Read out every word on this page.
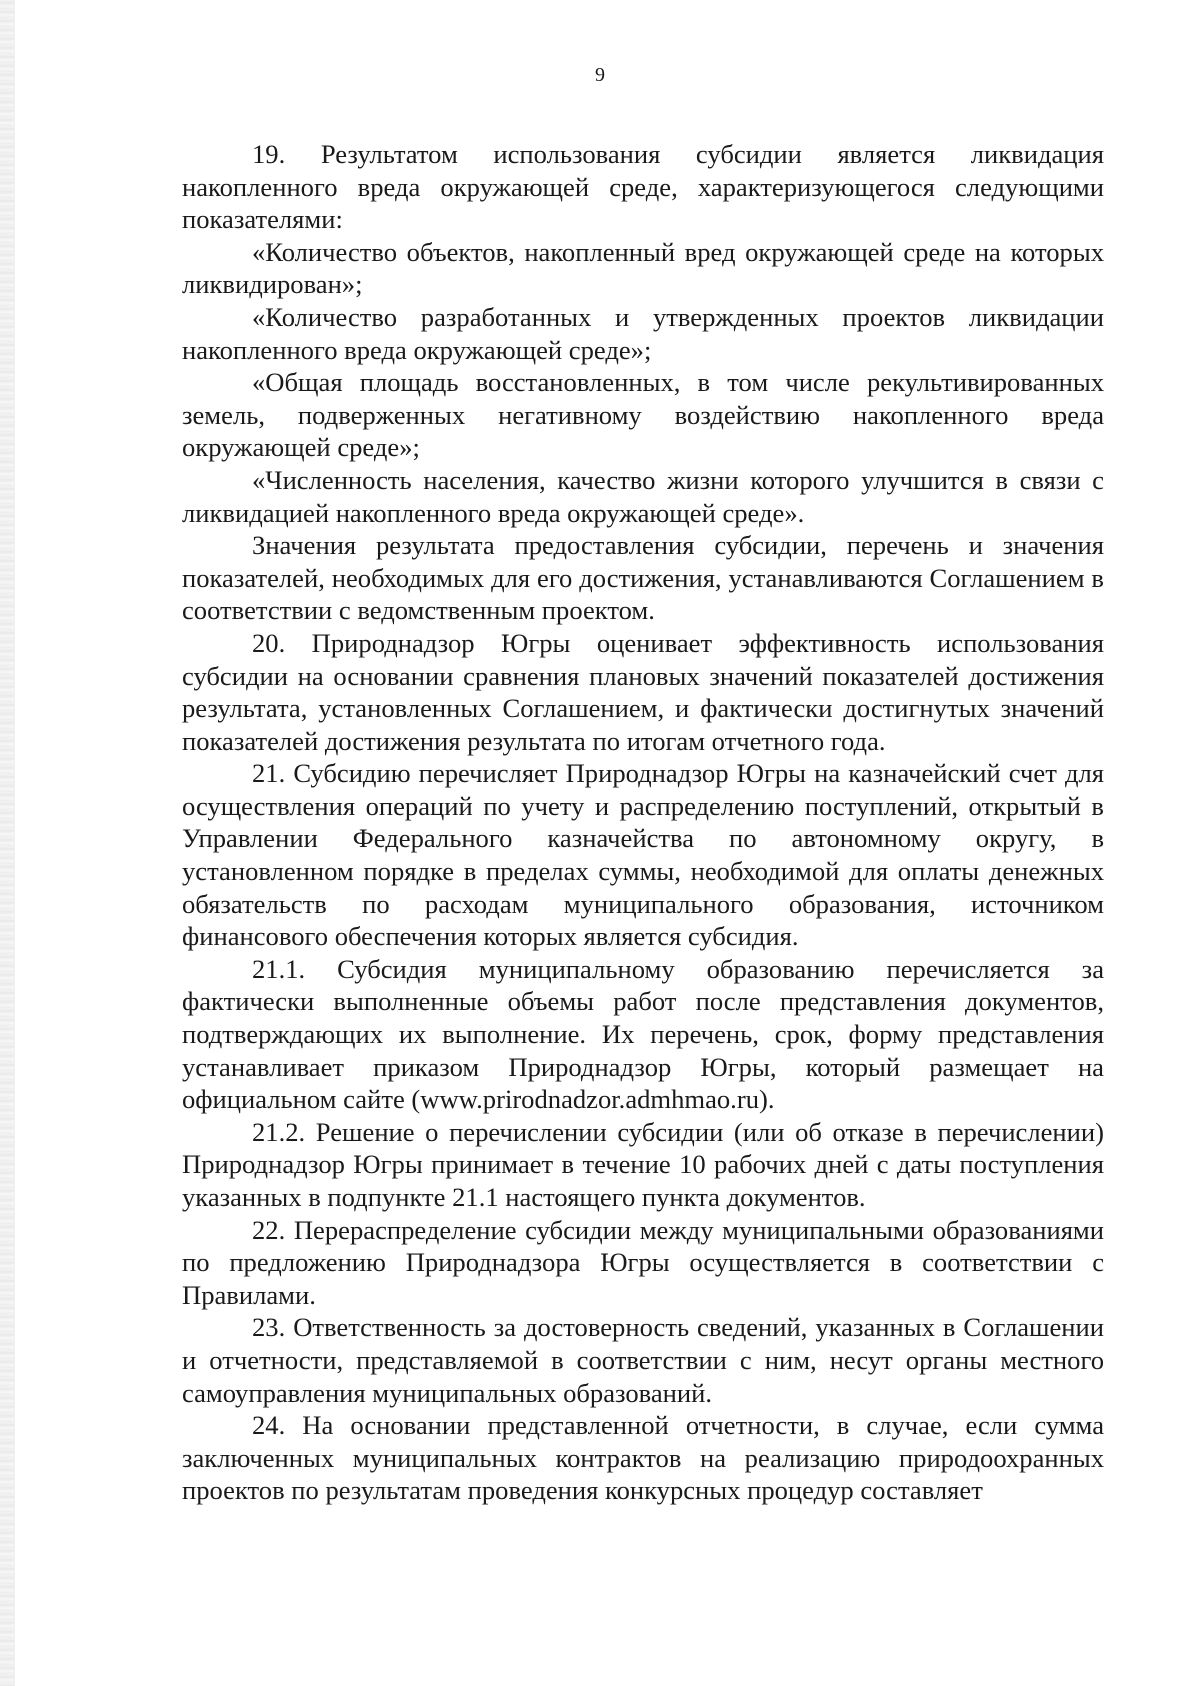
9

19. Результатом использования субсидии является ликвидация накопленного вреда окружающей среде, характеризующегося следующими показателями:

«Количество объектов, накопленный вред окружающей среде на которых ликвидирован»;

«Количество разработанных и утвержденных проектов ликвидации накопленного вреда окружающей среде»;

«Общая площадь восстановленных, в том числе рекультивированных земель, подверженных негативному воздействию накопленного вреда окружающей среде»;

«Численность населения, качество жизни которого улучшится в связи с ликвидацией накопленного вреда окружающей среде».

Значения результата предоставления субсидии, перечень и значения показателей, необходимых для его достижения, устанавливаются Соглашением в соответствии с ведомственным проектом.

20. Природнадзор Югры оценивает эффективность использования субсидии на основании сравнения плановых значений показателей достижения результата, установленных Соглашением, и фактически достигнутых значений показателей достижения результата по итогам отчетного года.

21. Субсидию перечисляет Природнадзор Югры на казначейский счет для осуществления операций по учету и распределению поступлений, открытый в Управлении Федерального казначейства по автономному округу, в установленном порядке в пределах суммы, необходимой для оплаты денежных обязательств по расходам муниципального образования, источником финансового обеспечения которых является субсидия.

21.1. Субсидия муниципальному образованию перечисляется за фактически выполненные объемы работ после представления документов, подтверждающих их выполнение. Их перечень, срок, форму представления устанавливает приказом Природнадзор Югры, который размещает на официальном сайте (www.prirodnadzor.admhmao.ru).

21.2. Решение о перечислении субсидии (или об отказе в перечислении) Природнадзор Югры принимает в течение 10 рабочих дней с даты поступления указанных в подпункте 21.1 настоящего пункта документов.

22. Перераспределение субсидии между муниципальными образованиями по предложению Природнадзора Югры осуществляется в соответствии с Правилами.

23. Ответственность за достоверность сведений, указанных в Соглашении и отчетности, представляемой в соответствии с ним, несут органы местного самоуправления муниципальных образований.

24. На основании представленной отчетности, в случае, если сумма заключенных муниципальных контрактов на реализацию природоохранных проектов по результатам проведения конкурсных процедур составляет
